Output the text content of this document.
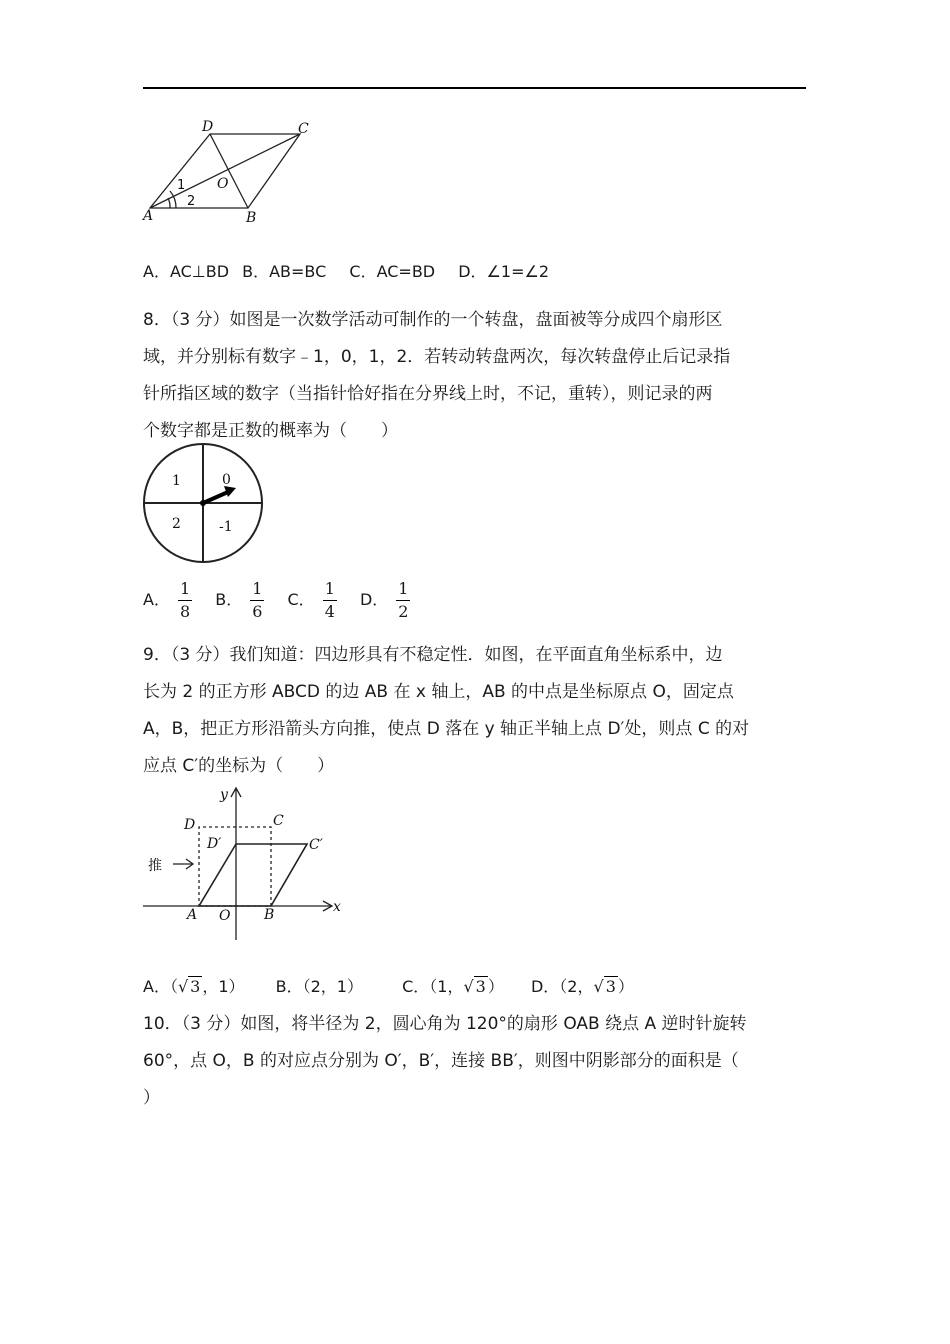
D	C
O
1
2
A	B
A．AC⊥BD B．AB=BC C．AC=BD D．∠1=∠2
8．（3 分）如图是一次数学活动可制作的一个转盘，盘面被等分成四个扇形区
域，并分别标有数字﹣1，0，1，2．若转动转盘两次，每次转盘停止后记录指
针所指区域的数字（当指针恰好指在分界线上时，不记，重转），则记录的两
个数字都是正数的概率为（　　）
1	0
2	-1
A． $\frac{1}{8}$ B． $\frac{1}{6}$ C． $\frac{1}{4}$ D． $\frac{1}{2}$
9．（3 分）我们知道：四边形具有不稳定性．如图，在平面直角坐标系中，边
长为 2 的正方形 ABCD 的边 AB 在 x 轴上，AB 的中点是坐标原点 O，固定点
A，B，把正方形沿箭头方向推，使点 D 落在 y 轴正半轴上点 D′处，则点 C 的对
应点 C′的坐标为（　　）
y
x
D	C
D′	C′
推
A O B
A．（√ 3 ，1） B．（2，1） C．（1，√ 3 ） D．（2，√ 3 ）
10．（3 分）如图，将半径为 2，圆心角为 120°的扇形 OAB 绕点 A 逆时针旋转
60°，点 O，B 的对应点分别为 O′，B′，连接 BB′，则图中阴影部分的面积是（
）
